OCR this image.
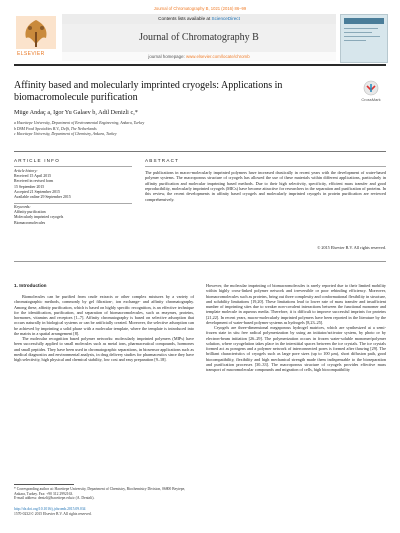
Journal of Chromatography B, 1021 (2016) 86–99
ELSEVIER
Contents lists available at ScienceDirect
Journal of Chromatography B
journal homepage: www.elsevier.com/locate/chromb
Affinity based and molecularly imprinted cryogels: Applications in biomacromolecule purification	CrossMark
Müge Andaç a, Igor Yu Galaev b, Adil Denizli c,*
a Hacettepe University, Department of Environmental Engineering, Ankara, Turkey
b DSM Food Specialties B.V., Delft, The Netherlands
c Hacettepe University, Department of Chemistry, Ankara, Turkey
ARTICLE INFO
Article history:
Received 15 April 2015
Received in revised form
15 September 2015
Accepted 21 September 2015
Available online 29 September 2015
Keywords:
Affinity purification
Molecularly imprinted cryogels
Biomacromolecules
ABSTRACT
The publications in macro-molecularly imprinted polymers have increased drastically in recent years with the development of water-based polymer systems. The macroporous structure of cryogels has allowed the use of these materials within different applications, particularly in affinity purification and molecular imprinting based methods. Due to their high selectivity, specificity, efficient mass transfer and good reproducibility, molecularly imprinted cryogels (MICs) have become attractive for researchers in the separation and purification of proteins. In this review, the recent developments in affinity based cryogels and molecularly imprinted cryogels in protein purification are reviewed comprehensively.
© 2015 Elsevier B.V. All rights reserved.
1. Introduction

Biomolecules can be purified from crude extracts or other complex mixtures by a variety of chromatographic methods, commonly by gel filtration-, ion exchange- and affinity chromatography. Among these, affinity purification, which is based on highly specific recognition, is an effective technique for the identification, purification, and separation of biomacromolecules, such as enzymes, proteins, hormones, vitamins and receptors [1–7]. Affinity chromatography is based on selective adsorption that occurs naturally in biological systems or can be artificially created. Moreover, the selective adsorption can be achieved by imprinting a solid phase with a molecular template, where the template is introduced into the matrix in a spatial arrangement [8].

The molecular recognition based polymer networks: molecularly imprinted polymers (MIPs) have been successfully applied to small molecules such as metal ions, pharmaceutical compounds, hormones and small peptides. They have been used in chromatographic separations, in biosensor applications such as medical diagnostics and environmental analysis, in drug delivery studies for pharmaceutics since they have high selectivity, high physical and chemical stability, low cost and easy preparation [9–18].

However, the molecular imprinting of biomacromolecules is rarely reported due to their limited mobility within highly cross-linked polymer network and irreversible or poor rebinding efficiency. Moreover, biomacromolecules such as proteins, bring out three complexity and conformational flexibility in structure, and solubility limitations [19,20]. These limitations lead to lower rate of mass transfer and insufficient number of imprinting sites due to weaker non-covalent interactions between the functional monomer and template molecule in aqueous media. Therefore, it is difficult to improve successful imprints for proteins [21,22]. In recent years, macro-molecularly imprinted polymers have been reported in the literature by the development of water-based polymer systems as hydrogels [8,23–25].

Cryogels are three-dimensional megaporous hydrogel matrices, which are synthesized at a semi-frozen state in situ free radical polymerization by using an initiator/activator system, by photo or by electron-beam initiation [26–29]. The polymerization occurs in frozen water-soluble monomer/polymer solution, where cryogelation takes place in the interstitial spaces between the ice crystals. The ice crystals formed act as porogens and a polymer network of interconnected pores is formed after thawing [29]. The brilliant characteristics of cryogels such as large pore sizes (up to 100 μm), short diffusion path, good biocompatibility, flexibility and high mechanical strength made them indispensable to the bioseparation and purification processes [30–33]. The macroporous structure of cryogels provides effective mass transport of macromolecular compounds and migration of cells, high biocompatibility

* Corresponding author at: Hacettepe University, Department of Chemistry, Biochemistry Division, 06800 Beytepe, Ankara, Turkey. Fax: +90 312 2992163.
E-mail address: denizli@hacettepe.edu.tr (A. Denizli).
http://dx.doi.org/10.1016/j.jchromb.2015.09.034
1570-0232/© 2015 Elsevier B.V. All rights reserved.
